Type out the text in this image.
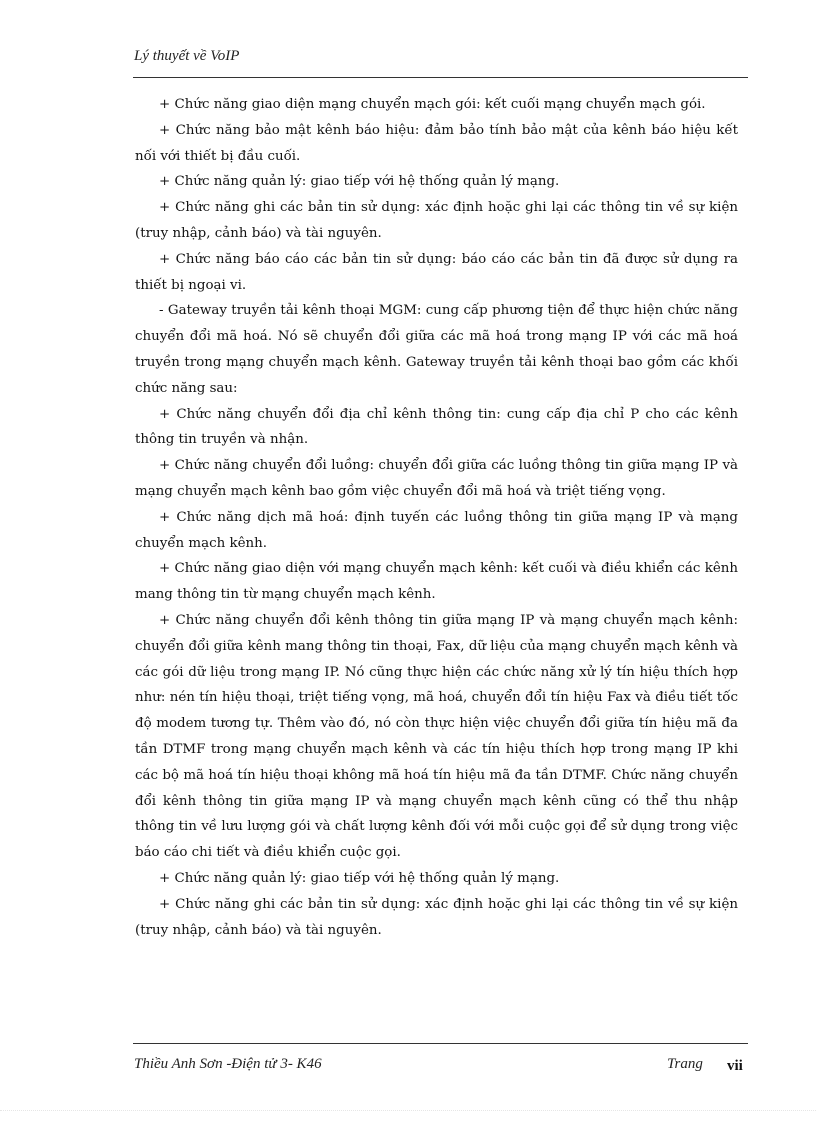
Lý thuyết về VoIP

+ Chức năng giao diện mạng chuyển mạch gói: kết cuối mạng chuyển mạch gói.

+ Chức năng bảo mật kênh báo hiệu: đảm bảo tính bảo mật của kênh báo hiệu kết nối với thiết bị đầu cuối.

+ Chức năng quản lý: giao tiếp với hệ thống quản lý mạng.

+ Chức năng ghi các bản tin sử dụng: xác định hoặc ghi lại các thông tin về sự kiện (truy nhập, cảnh báo) và tài nguyên.

+ Chức năng báo cáo các bản tin sử dụng: báo cáo các bản tin đã được sử dụng ra thiết bị ngoại vi.

- Gateway truyền tải kênh thoại MGM: cung cấp phương tiện để thực hiện chức năng chuyển đổi mã hoá. Nó sẽ chuyển đổi giữa các mã hoá trong mạng IP với các mã hoá truyền trong mạng chuyển mạch kênh. Gateway truyền tải kênh thoại bao gồm các khối chức năng sau:

+ Chức năng chuyển đổi địa chỉ kênh thông tin: cung cấp địa chỉ P cho các kênh thông tin truyền và nhận.

+ Chức năng chuyển đổi luồng: chuyển đổi giữa các luồng thông tin giữa mạng IP và mạng chuyển mạch kênh bao gồm việc chuyển đổi mã hoá và triệt tiếng vọng.

+ Chức năng dịch mã hoá: định tuyến các luồng thông tin giữa mạng IP và mạng chuyển mạch kênh.

+ Chức năng giao diện với mạng chuyển mạch kênh: kết cuối và điều khiển các kênh mang thông tin từ mạng chuyển mạch kênh.

+ Chức năng chuyển đổi kênh thông tin giữa mạng IP và mạng chuyển mạch kênh: chuyển đổi giữa kênh mang thông tin thoại, Fax, dữ liệu của mạng chuyển mạch kênh và các gói dữ liệu trong mạng IP. Nó cũng thực hiện các chức năng xử lý tín hiệu thích hợp như: nén tín hiệu thoại, triệt tiếng vọng, mã hoá, chuyển đổi tín hiệu Fax và điều tiết tốc độ modem tương tự. Thêm vào đó, nó còn thực hiện việc chuyển đổi giữa tín hiệu mã đa tần DTMF trong mạng chuyển mạch kênh và các tín hiệu thích hợp trong mạng IP khi các bộ mã hoá tín hiệu thoại không mã hoá tín hiệu mã đa tần DTMF. Chức năng chuyển đổi kênh thông tin giữa mạng IP và mạng chuyển mạch kênh cũng có thể thu nhập thông tin về lưu lượng gói và chất lượng kênh đối với mỗi cuộc gọi để sử dụng trong việc báo cáo chi tiết và điều khiển cuộc gọi.

+ Chức năng quản lý: giao tiếp với hệ thống quản lý mạng.

+ Chức năng ghi các bản tin sử dụng: xác định hoặc ghi lại các thông tin về sự kiện (truy nhập, cảnh báo) và tài nguyên.

Thiều Anh Sơn -Điện tử 3- K46	Trang vii
